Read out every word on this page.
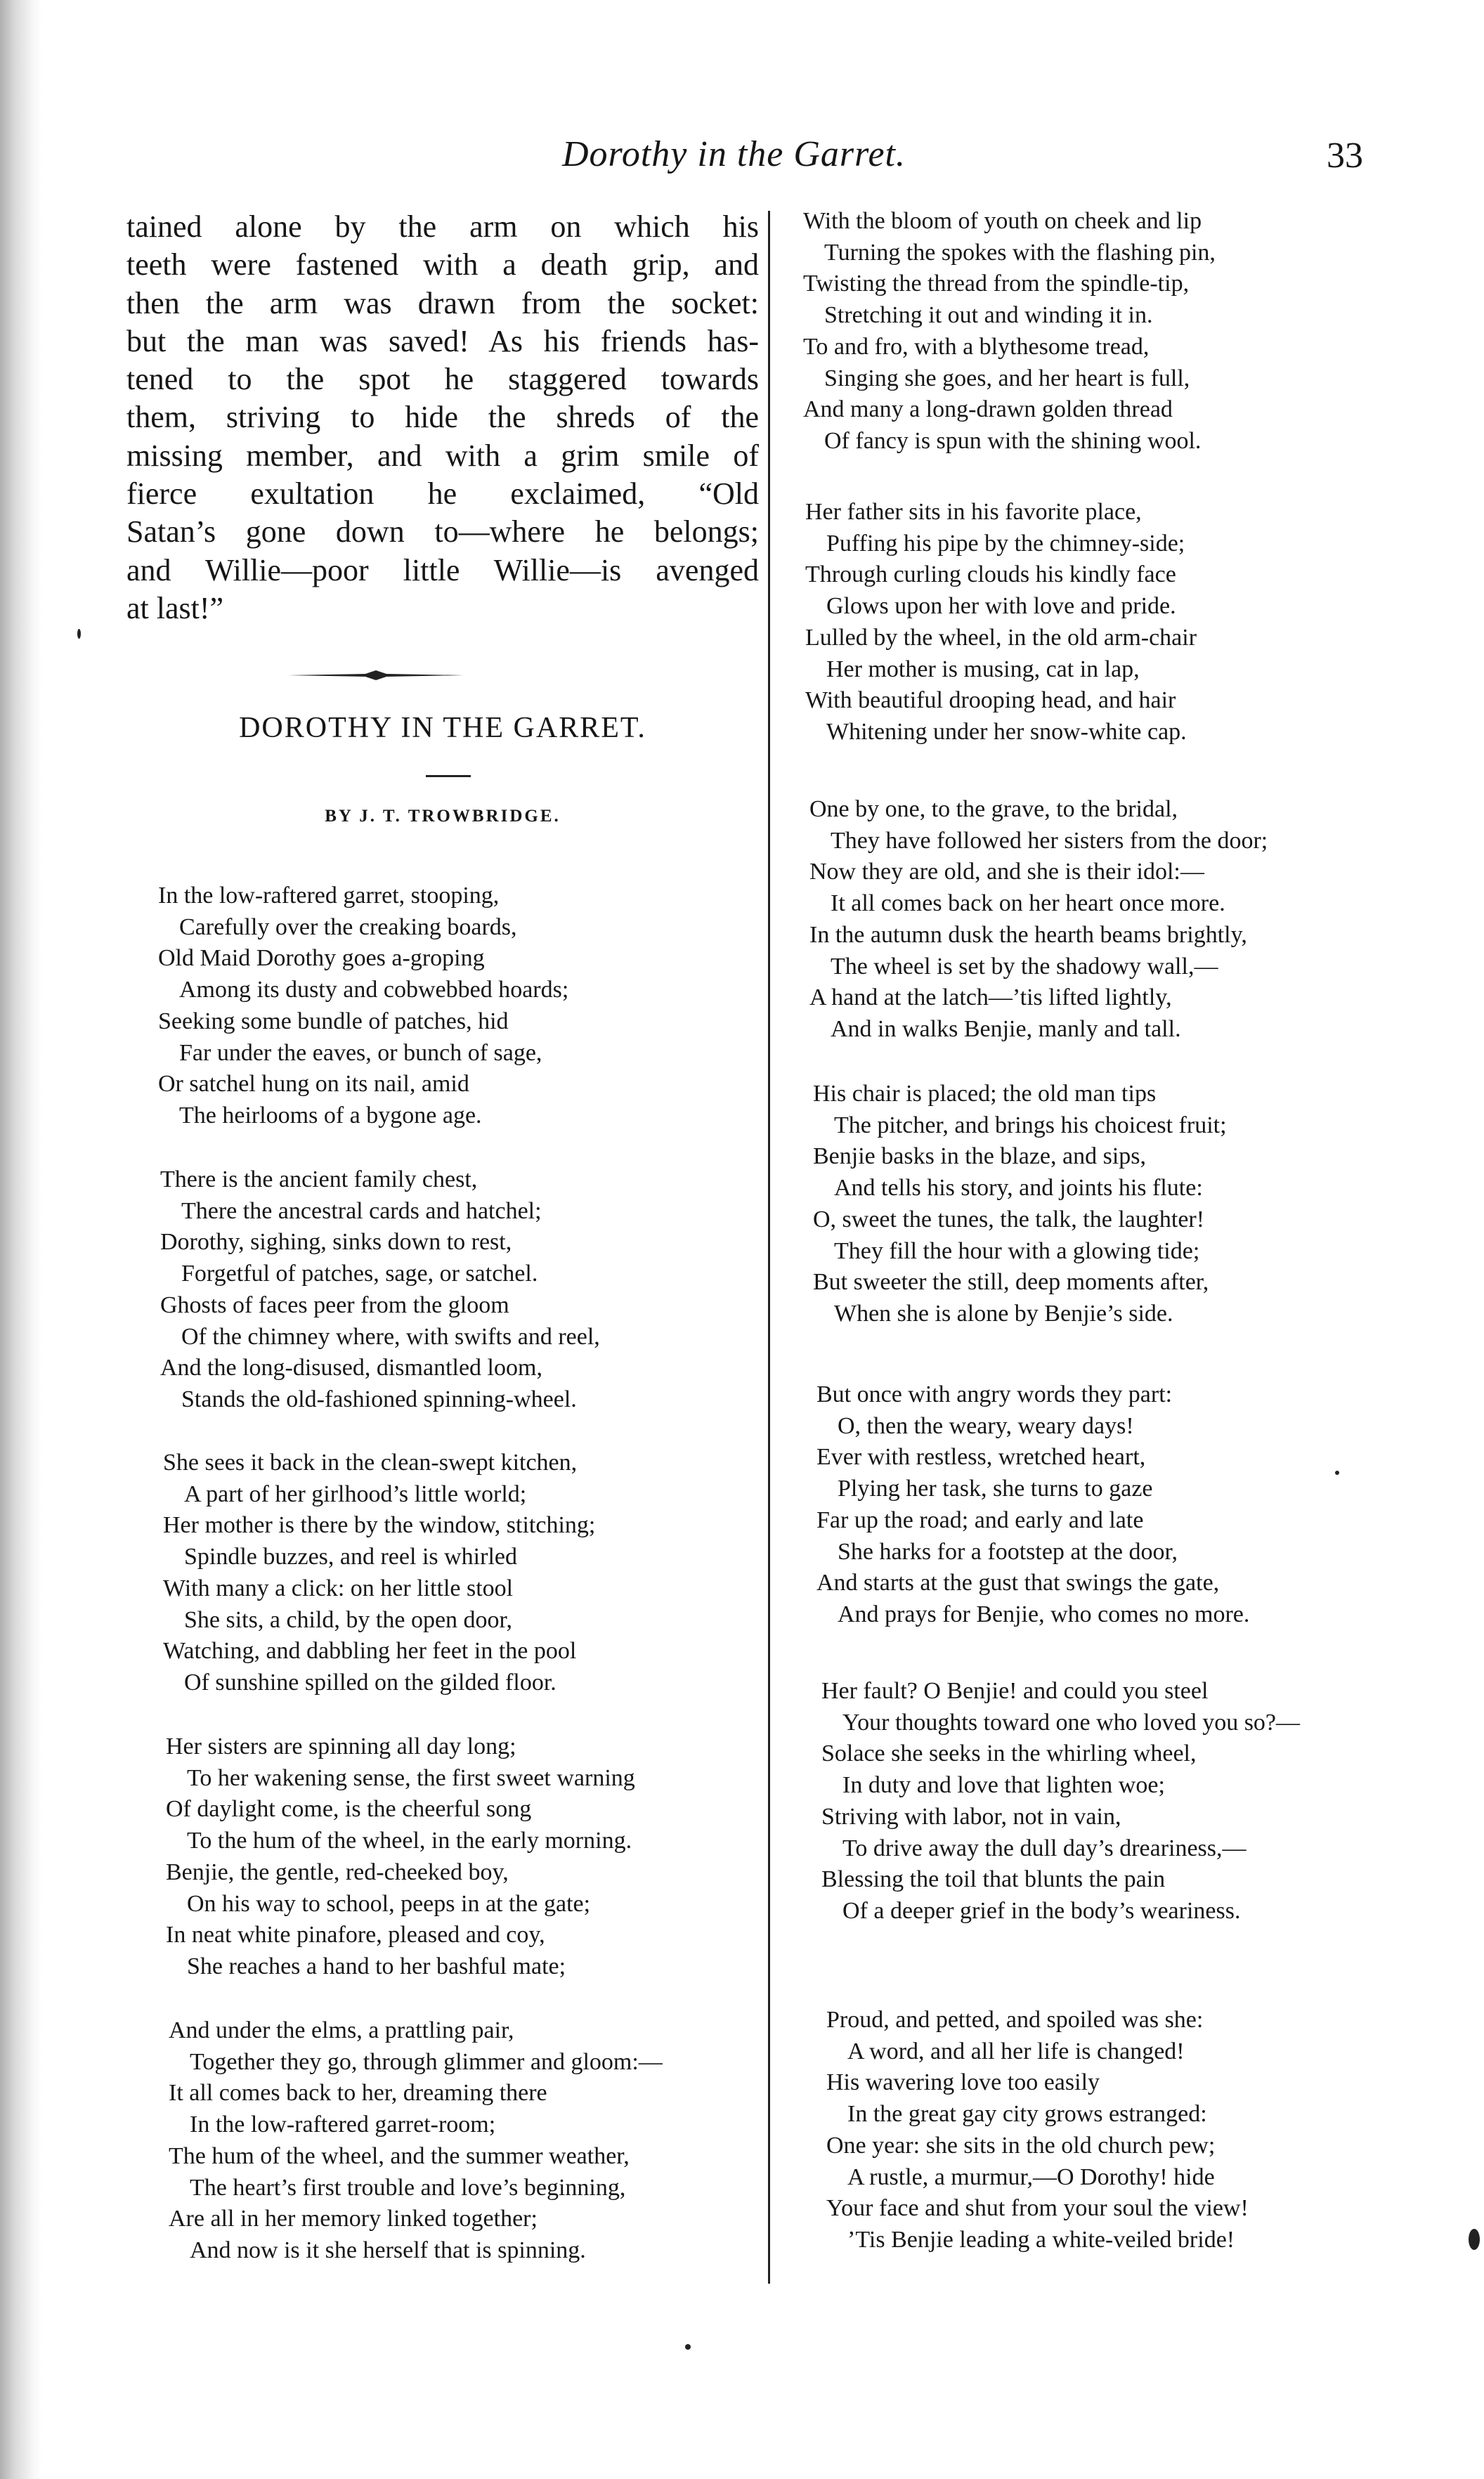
Dorothy in the Garret.	33
tained alone by the arm on which his
teeth were fastened with a death grip, and
then the arm was drawn from the socket:
but the man was saved! As his friends has-
tened to the spot he staggered towards
them, striving to hide the shreds of the
missing member, and with a grim smile of
fierce exultation he exclaimed, “Old
Satan’s gone down to—where he belongs;
and Willie—poor little Willie—is avenged
at last!”
DOROTHY IN THE GARRET.
BY J. T. TROWBRIDGE.
In the low-raftered garret, stooping,
Carefully over the creaking boards,
Old Maid Dorothy goes a-groping
Among its dusty and cobwebbed hoards;
Seeking some bundle of patches, hid
Far under the eaves, or bunch of sage,
Or satchel hung on its nail, amid
The heirlooms of a bygone age.
There is the ancient family chest,
There the ancestral cards and hatchel;
Dorothy, sighing, sinks down to rest,
Forgetful of patches, sage, or satchel.
Ghosts of faces peer from the gloom
Of the chimney where, with swifts and reel,
And the long-disused, dismantled loom,
Stands the old-fashioned spinning-wheel.
She sees it back in the clean-swept kitchen,
A part of her girlhood’s little world;
Her mother is there by the window, stitching;
Spindle buzzes, and reel is whirled
With many a click: on her little stool
She sits, a child, by the open door,
Watching, and dabbling her feet in the pool
Of sunshine spilled on the gilded floor.
Her sisters are spinning all day long;
To her wakening sense, the first sweet warning
Of daylight come, is the cheerful song
To the hum of the wheel, in the early morning.
Benjie, the gentle, red-cheeked boy,
On his way to school, peeps in at the gate;
In neat white pinafore, pleased and coy,
She reaches a hand to her bashful mate;
And under the elms, a prattling pair,
Together they go, through glimmer and gloom:—
It all comes back to her, dreaming there
In the low-raftered garret-room;
The hum of the wheel, and the summer weather,
The heart’s first trouble and love’s beginning,
Are all in her memory linked together;
And now is it she herself that is spinning.
With the bloom of youth on cheek and lip
Turning the spokes with the flashing pin,
Twisting the thread from the spindle-tip,
Stretching it out and winding it in.
To and fro, with a blythesome tread,
Singing she goes, and her heart is full,
And many a long-drawn golden thread
Of fancy is spun with the shining wool.
Her father sits in his favorite place,
Puffing his pipe by the chimney-side;
Through curling clouds his kindly face
Glows upon her with love and pride.
Lulled by the wheel, in the old arm-chair
Her mother is musing, cat in lap,
With beautiful drooping head, and hair
Whitening under her snow-white cap.
One by one, to the grave, to the bridal,
They have followed her sisters from the door;
Now they are old, and she is their idol:—
It all comes back on her heart once more.
In the autumn dusk the hearth beams brightly,
The wheel is set by the shadowy wall,—
A hand at the latch—’tis lifted lightly,
And in walks Benjie, manly and tall.
His chair is placed; the old man tips
The pitcher, and brings his choicest fruit;
Benjie basks in the blaze, and sips,
And tells his story, and joints his flute:
O, sweet the tunes, the talk, the laughter!
They fill the hour with a glowing tide;
But sweeter the still, deep moments after,
When she is alone by Benjie’s side.
But once with angry words they part:
O, then the weary, weary days!
Ever with restless, wretched heart,
Plying her task, she turns to gaze
Far up the road; and early and late
She harks for a footstep at the door,
And starts at the gust that swings the gate,
And prays for Benjie, who comes no more.
Her fault? O Benjie! and could you steel
Your thoughts toward one who loved you so?—
Solace she seeks in the whirling wheel,
In duty and love that lighten woe;
Striving with labor, not in vain,
To drive away the dull day’s dreariness,—
Blessing the toil that blunts the pain
Of a deeper grief in the body’s weariness.
Proud, and petted, and spoiled was she:
A word, and all her life is changed!
His wavering love too easily
In the great gay city grows estranged:
One year: she sits in the old church pew;
A rustle, a murmur,—O Dorothy! hide
Your face and shut from your soul the view!
’Tis Benjie leading a white-veiled bride!
